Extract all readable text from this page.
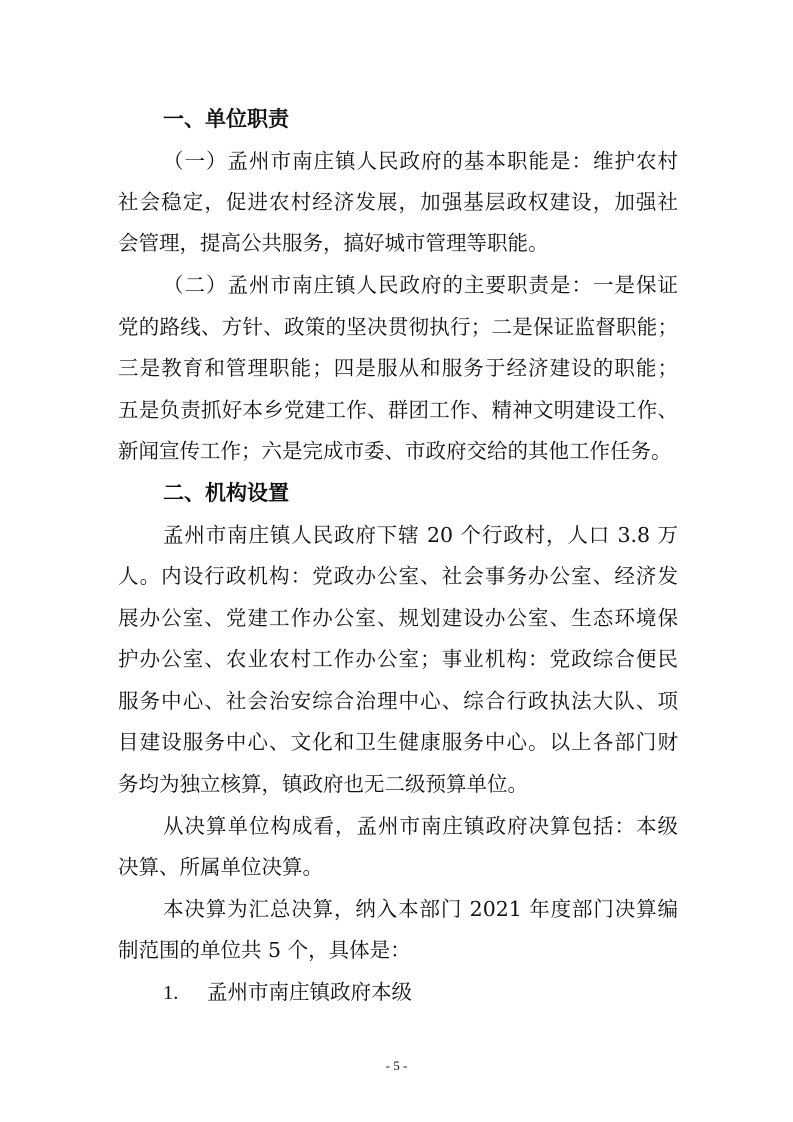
一、单位职责
（一）孟州市南庄镇人民政府的基本职能是：维护农村
社会稳定，促进农村经济发展，加强基层政权建设，加强社
会管理，提高公共服务，搞好城市管理等职能。
（二）孟州市南庄镇人民政府的主要职责是：一是保证
党的路线、方针、政策的坚决贯彻执行；二是保证监督职能；
三是教育和管理职能；四是服从和服务于经济建设的职能；
五是负责抓好本乡党建工作、群团工作、精神文明建设工作、
新闻宣传工作；六是完成市委、市政府交给的其他工作任务。
二、机构设置
孟州市南庄镇人民政府下辖 20 个行政村，人口 3.8 万
人。内设行政机构：党政办公室、社会事务办公室、经济发
展办公室、党建工作办公室、规划建设办公室、生态环境保
护办公室、农业农村工作办公室；事业机构：党政综合便民
服务中心、社会治安综合治理中心、综合行政执法大队、项
目建设服务中心、文化和卫生健康服务中心。以上各部门财
务均为独立核算，镇政府也无二级预算单位。
从决算单位构成看，孟州市南庄镇政府决算包括：本级
决算、所属单位决算。
本决算为汇总决算，纳入本部门 2021 年度部门决算编
制范围的单位共 5 个，具体是：
1. 孟州市南庄镇政府本级
- 5 -
